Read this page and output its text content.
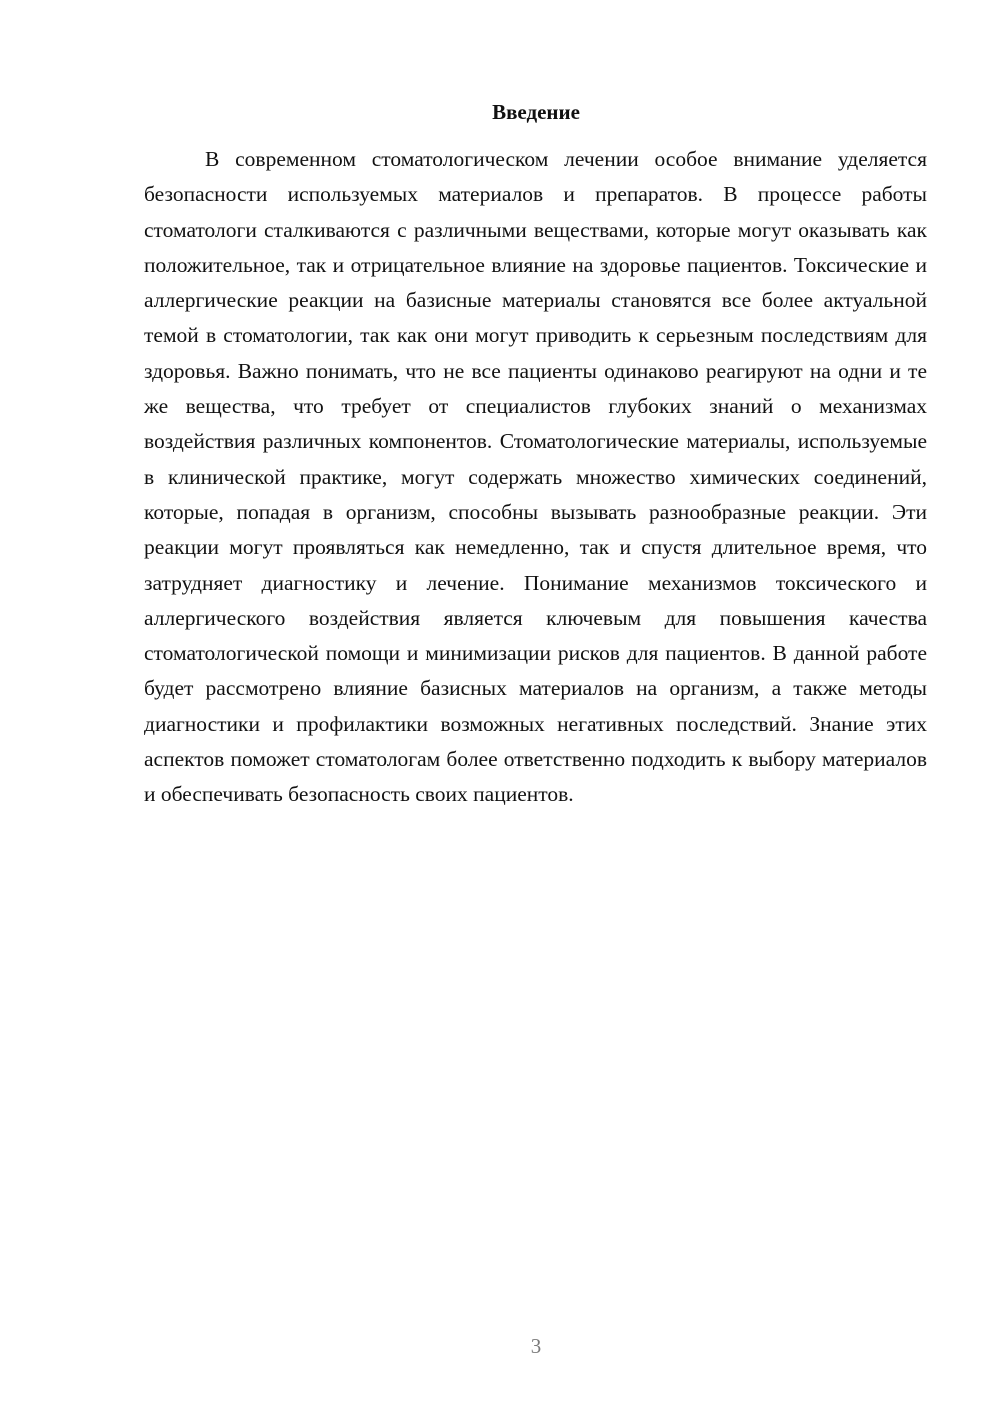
Введение

В современном стоматологическом лечении особое внимание уделяется безопасности используемых материалов и препаратов. В процессе работы стоматологи сталкиваются с различными веществами, которые могут оказывать как положительное, так и отрицательное влияние на здоровье пациентов. Токсические и аллергические реакции на базисные материалы становятся все более актуальной темой в стоматологии, так как они могут приводить к серьезным последствиям для здоровья. Важно понимать, что не все пациенты одинаково реагируют на одни и те же вещества, что требует от специалистов глубоких знаний о механизмах воздействия различных компонентов. Стоматологические материалы, используемые в клинической практике, могут содержать множество химических соединений, которые, попадая в организм, способны вызывать разнообразные реакции. Эти реакции могут проявляться как немедленно, так и спустя длительное время, что затрудняет диагностику и лечение. Понимание механизмов токсического и аллергического воздействия является ключевым для повышения качества стоматологической помощи и минимизации рисков для пациентов. В данной работе будет рассмотрено влияние базисных материалов на организм, а также методы диагностики и профилактики возможных негативных последствий. Знание этих аспектов поможет стоматологам более ответственно подходить к выбору материалов и обеспечивать безопасность своих пациентов.

3
